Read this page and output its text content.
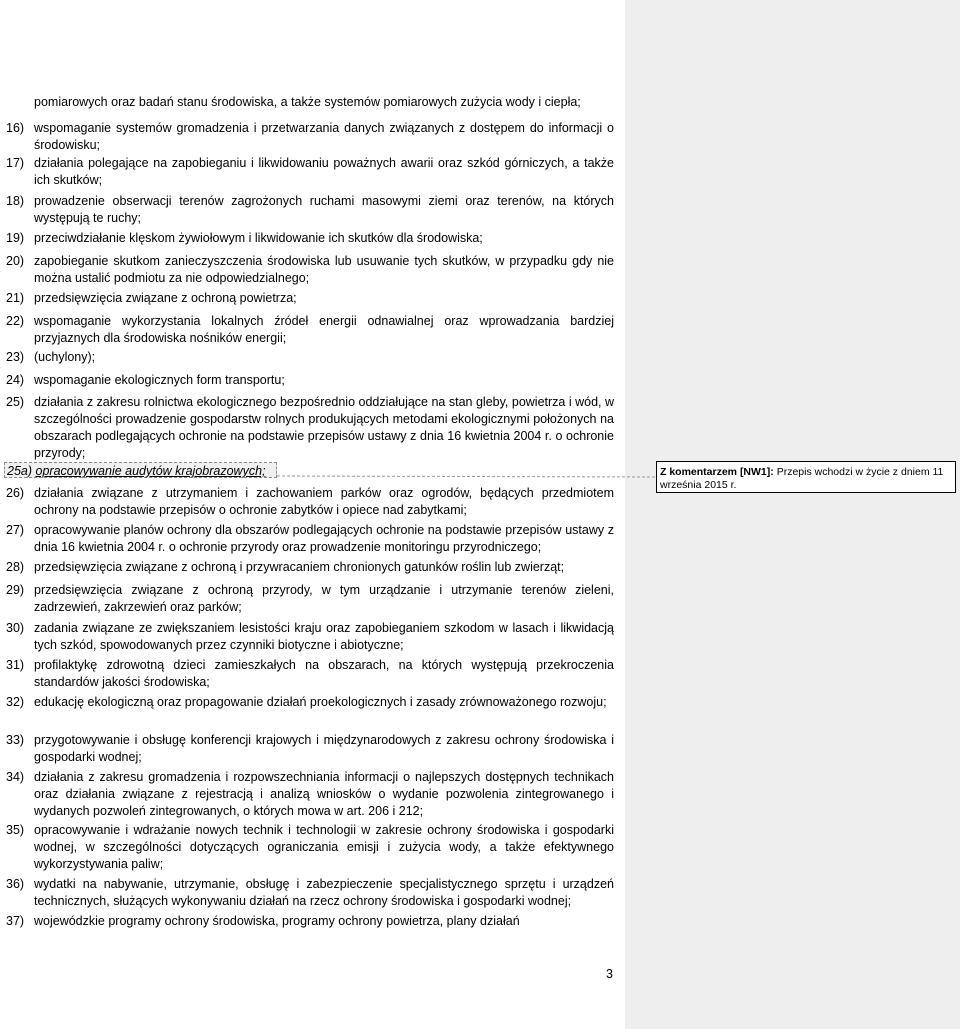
pomiarowych oraz badań stanu środowiska, a także systemów pomiarowych zużycia wody i ciepła;
16) wspomaganie systemów gromadzenia i przetwarzania danych związanych z dostępem do informacji o środowisku;
17) działania polegające na zapobieganiu i likwidowaniu poważnych awarii oraz szkód górniczych, a także ich skutków;
18) prowadzenie obserwacji terenów zagrożonych ruchami masowymi ziemi oraz terenów, na których występują te ruchy;
19) przeciwdziałanie klęskom żywiołowym i likwidowanie ich skutków dla środowiska;
20) zapobieganie skutkom zanieczyszczenia środowiska lub usuwanie tych skutków, w przypadku gdy nie można ustalić podmiotu za nie odpowiedzialnego;
21) przedsięwzięcia związane z ochroną powietrza;
22) wspomaganie wykorzystania lokalnych źródeł energii odnawialnej oraz wprowadzania bardziej przyjaznych dla środowiska nośników energii;
23) (uchylony);
24) wspomaganie ekologicznych form transportu;
25) działania z zakresu rolnictwa ekologicznego bezpośrednio oddziałujące na stan gleby, powietrza i wód, w szczególności prowadzenie gospodarstw rolnych produkujących metodami ekologicznymi położonych na obszarach podlegających ochronie na podstawie przepisów ustawy z dnia 16 kwietnia 2004 r. o ochronie przyrody;
26) działania związane z utrzymaniem i zachowaniem parków oraz ogrodów, będących przedmiotem ochrony na podstawie przepisów o ochronie zabytków i opiece nad zabytkami;
27) opracowywanie planów ochrony dla obszarów podlegających ochronie na podstawie przepisów ustawy z dnia 16 kwietnia 2004 r. o ochronie przyrody oraz prowadzenie monitoringu przyrodniczego;
28) przedsięwzięcia związane z ochroną i przywracaniem chronionych gatunków roślin lub zwierząt;
29) przedsięwzięcia związane z ochroną przyrody, w tym urządzanie i utrzymanie terenów zieleni, zadrzewień, zakrzewień oraz parków;
30) zadania związane ze zwiększaniem lesistości kraju oraz zapobieganiem szkodom w lasach i likwidacją tych szkód, spowodowanych przez czynniki biotyczne i abiotyczne;
31) profilaktykę zdrowotną dzieci zamieszkałych na obszarach, na których występują przekroczenia standardów jakości środowiska;
32) edukację ekologiczną oraz propagowanie działań proekologicznych i zasady zrównoważonego rozwoju;
33) przygotowywanie i obsługę konferencji krajowych i międzynarodowych z zakresu ochrony środowiska i gospodarki wodnej;
34) działania z zakresu gromadzenia i rozpowszechniania informacji o najlepszych dostępnych technikach oraz działania związane z rejestracją i analizą wniosków o wydanie pozwolenia zintegrowanego i wydanych pozwoleń zintegrowanych, o których mowa w art. 206 i 212;
35) opracowywanie i wdrażanie nowych technik i technologii w zakresie ochrony środowiska i gospodarki wodnej, w szczególności dotyczących ograniczania emisji i zużycia wody, a także efektywnego wykorzystywania paliw;
36) wydatki na nabywanie, utrzymanie, obsługę i zabezpieczenie specjalistycznego sprzętu i urządzeń technicznych, służących wykonywaniu działań na rzecz ochrony środowiska i gospodarki wodnej;
37) wojewódzkie programy ochrony środowiska, programy ochrony powietrza, plany działań
25a) opracowywanie audytów krajobrazowych;
3
Z komentarzem [NW1]: Przepis wchodzi w życie z dniem 11 września 2015 r.
